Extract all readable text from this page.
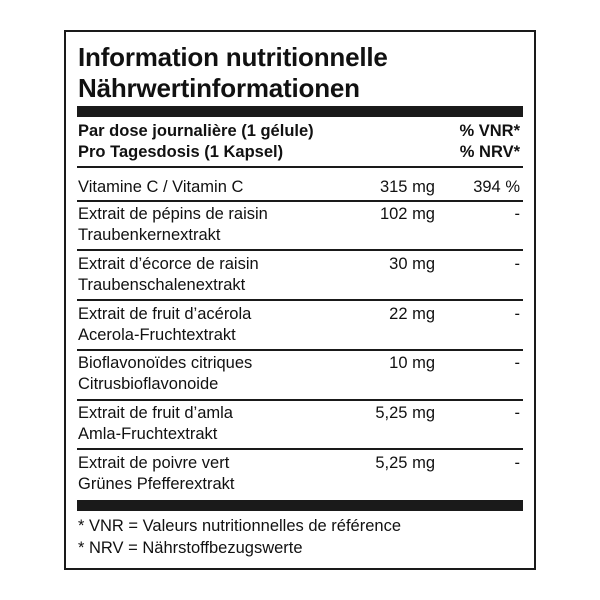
Information nutritionnelle
Nährwertinformationen
Par dose journalière (1 gélule)
Pro Tagesdosis (1 Kapsel)
% VNR*
% NRV*
Vitamine C / Vitamin C	315 mg 394 %
Extrait de pépins de raisin
Traubenkernextrakt
102 mg	-
Extrait d’écorce de raisin
Traubenschalenextrakt
30 mg	-
Extrait de fruit d’acérola
Acerola-Fruchtextrakt
22 mg	-
Bioflavonoïdes citriques
Citrusbioflavonoide
10 mg	-
Extrait de fruit d’amla
Amla-Fruchtextrakt
5,25 mg	-
Extrait de poivre vert
Grünes Pfefferextrakt
5,25 mg	-
* VNR = Valeurs nutritionnelles de référence
* NRV = Nährstoffbezugswerte
